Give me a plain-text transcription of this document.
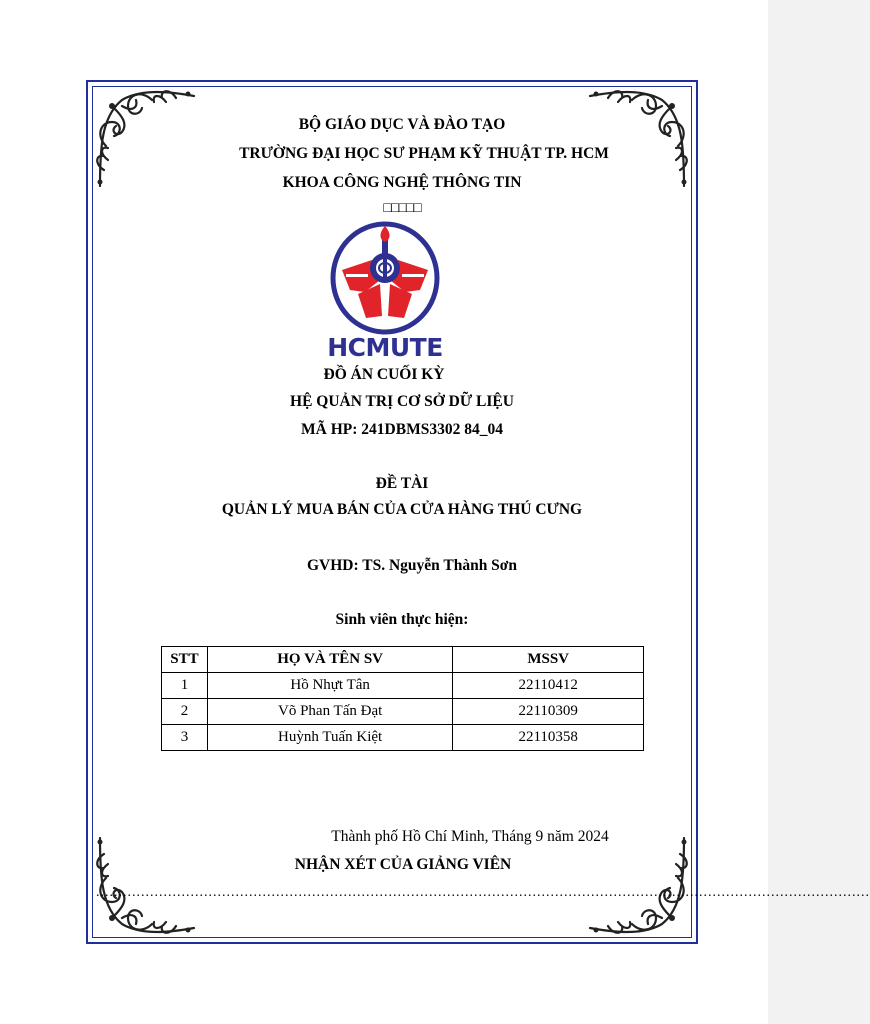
BỘ GIÁO DỤC VÀ ĐÀO TẠO
TRƯỜNG ĐẠI HỌC SƯ PHẠM KỸ THUẬT TP. HCM
KHOA CÔNG NGHỆ THÔNG TIN
□□□□□
HCMUTE
ĐỒ ÁN CUỐI KỲ
HỆ QUẢN TRỊ CƠ SỞ DỮ LIỆU
MÃ HP: 241DBMS3302 84_04
ĐỀ TÀI
QUẢN LÝ MUA BÁN CỦA CỬA HÀNG THÚ CƯNG
GVHD: TS. Nguyễn Thành Sơn
Sinh viên thực hiện:
STT	HỌ VÀ TÊN SV	MSSV
1	Hồ Nhựt Tân	22110412
2	Võ Phan Tấn Đạt	22110309
3	Huỳnh Tuấn Kiệt	22110358
Thành phố Hồ Chí Minh, Tháng 9 năm 2024
NHẬN XÉT CỦA GIẢNG VIÊN
............................................................................................................................................................................
